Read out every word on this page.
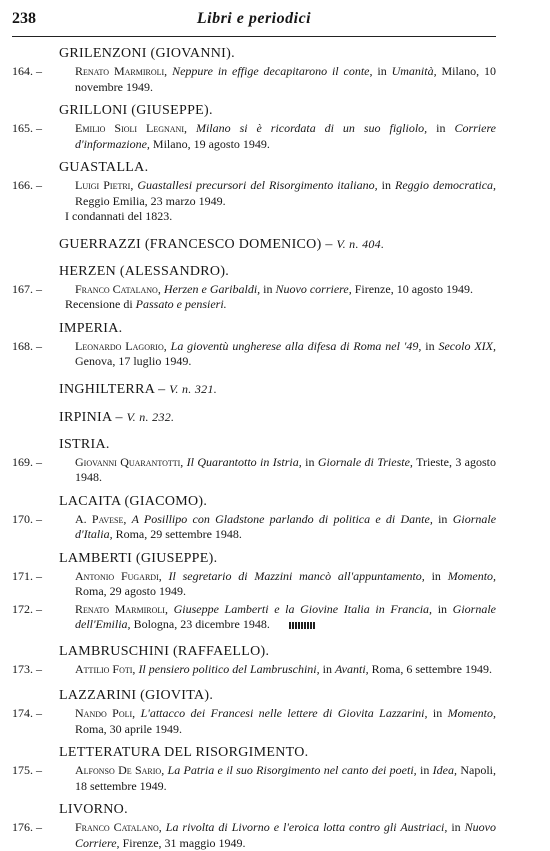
238	Libri e periodici
GRILENZONI (GIOVANNI).
164. –	Renato Marmiroli, Neppure in effige decapitarono il conte, in Umanità, Milano, 10 novembre 1949.
GRILLONI (GIUSEPPE).
165. –	Emilio Sioli Legnani, Milano si è ricordata di un suo figliolo, in Corriere d'informazione, Milano, 19 agosto 1949.
GUASTALLA.
166. –	Luigi Pietri, Guastallesi precursori del Risorgimento italiano, in Reggio democratica, Reggio Emilia, 23 marzo 1949.
I condannati del 1823.
GUERRAZZI (FRANCESCO DOMENICO) – V. n. 404.
HERZEN (ALESSANDRO).
167. –	Franco Catalano, Herzen e Garibaldi, in Nuovo corriere, Firenze, 10 agosto 1949.
Recensione di Passato e pensieri.
IMPERIA.
168. –	Leonardo Lagorio, La gioventù ungherese alla difesa di Roma nel '49, in Secolo XIX, Genova, 17 luglio 1949.
INGHILTERRA – V. n. 321.
IRPINIA – V. n. 232.
ISTRIA.
169. –	Giovanni Quarantotti, Il Quarantotto in Istria, in Giornale di Trieste, Trieste, 3 agosto 1948.
LACAITA (GIACOMO).
170. –	A. Pavese, A Posillipo con Gladstone parlando di politica e di Dante, in Giornale d'Italia, Roma, 29 settembre 1948.
LAMBERTI (GIUSEPPE).
171. –	Antonio Fugardi, Il segretario di Mazzini mancò all'appuntamento, in Momento, Roma, 29 agosto 1949.
172. –	Renato Marmiroli, Giuseppe Lamberti e la Giovine Italia in Francia, in Giornale dell'Emilia, Bologna, 23 dicembre 1948.
LAMBRUSCHINI (RAFFAELLO).
173. –	Attilio Foti, Il pensiero politico del Lambruschini, in Avanti, Roma, 6 settembre 1949.
LAZZARINI (GIOVITA).
174. –	Nando Poli, L'attacco dei Francesi nelle lettere di Giovita Lazzarini, in Momento, Roma, 30 aprile 1949.
LETTERATURA DEL RISORGIMENTO.
175. –	Alfonso De Sario, La Patria e il suo Risorgimento nel canto dei poeti, in Idea, Napoli, 18 settembre 1949.
LIVORNO.
176. –	Franco Catalano, La rivolta di Livorno e l'eroica lotta contro gli Austriaci, in Nuovo Corriere, Firenze, 31 maggio 1949.
